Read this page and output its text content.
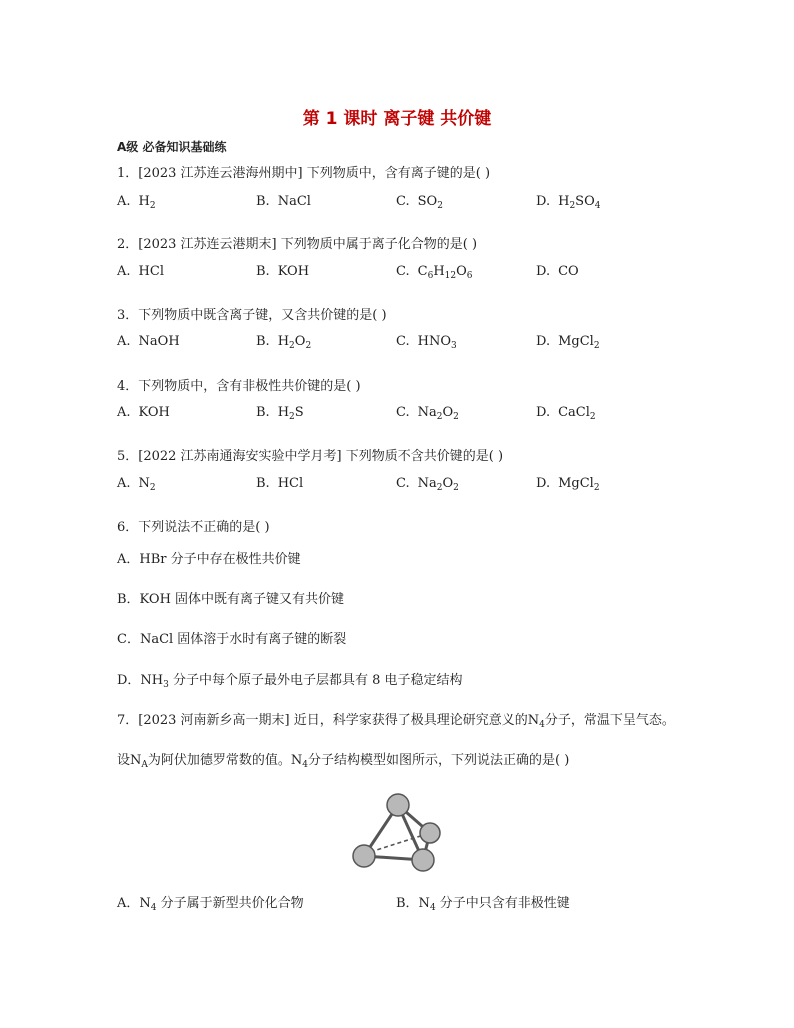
第 1 课时 离子键 共价键
A级 必备知识基础练
1．[2023 江苏连云港海州期中] 下列物质中，含有离子键的是( )
A. $H_2$	B. NaCl	C. $SO_2$	D. $H_2SO_4$
2．[2023 江苏连云港期末] 下列物质中属于离子化合物的是( )
A. HCl	B. KOH	C. $C_6H_{12}O_6$	D. CO
3．下列物质中既含离子键，又含共价键的是( )
A. NaOH	B. $H_2O_2$	C. $HNO_3$	D. MgCl$_2$
4．下列物质中，含有非极性共价键的是( )
A. KOH	B. $H_2S$	C. $Na_2O_2$	D. CaCl$_2$
5．[2022 江苏南通海安实验中学月考] 下列物质不含共价键的是( )
A. $N_2$	B. HCl	C. $Na_2O_2$	D. MgCl$_2$
6．下列说法不正确的是( )
A．HBr 分子中存在极性共价键
B．KOH 固体中既有离子键又有共价键
C．NaCl 固体溶于水时有离子键的断裂
D．$NH_3$ 分子中每个原子最外电子层都具有 8 电子稳定结构
7．[2023 河南新乡高一期末] 近日，科学家获得了极具理论研究意义的$N_4$分子，常温下呈气态。
设$N_A$为阿伏加德罗常数的值。$N_4$分子结构模型如图所示，下列说法正确的是( )
A．$N_4$ 分子属于新型共价化合物	B．$N_4$ 分子中只含有非极性键
